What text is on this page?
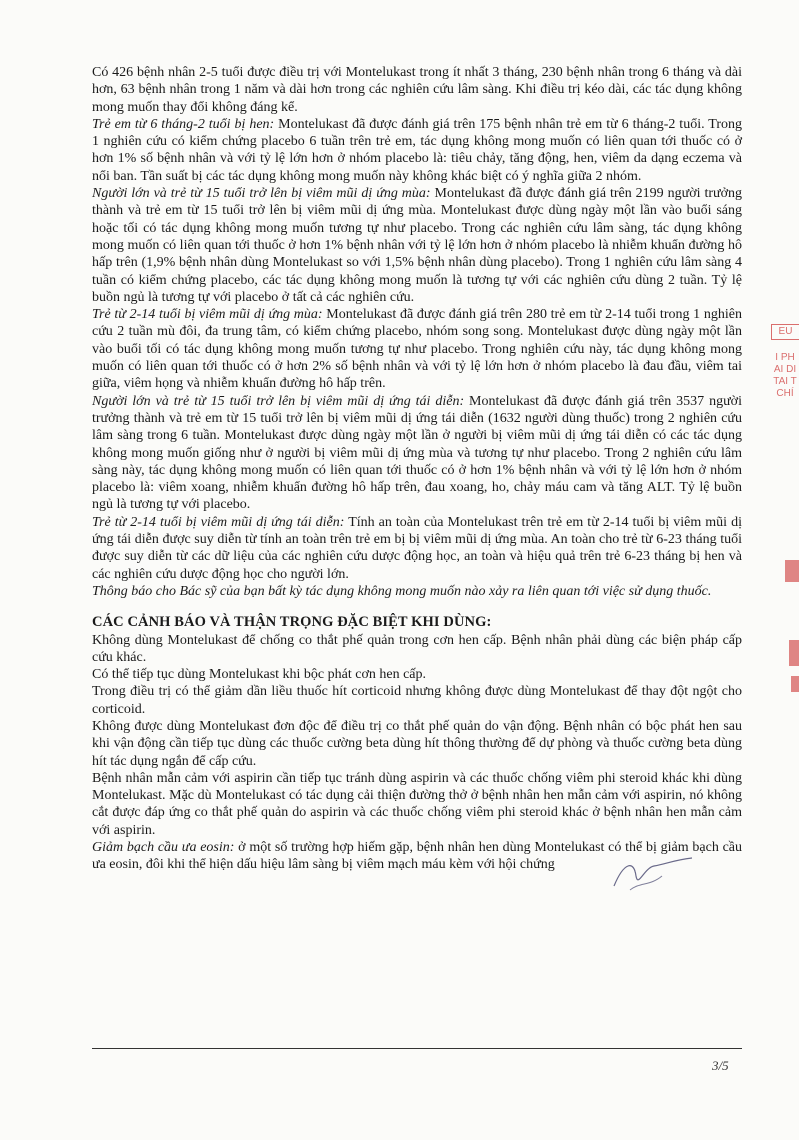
Có 426 bệnh nhân 2-5 tuổi được điều trị với Montelukast trong ít nhất 3 tháng, 230 bệnh nhân trong 6 tháng và dài hơn, 63 bệnh nhân trong 1 năm và dài hơn trong các nghiên cứu lâm sàng. Khi điều trị kéo dài, các tác dụng không mong muốn thay đổi không đáng kể.

Trẻ em từ 6 tháng-2 tuổi bị hen: Montelukast đã được đánh giá trên 175 bệnh nhân trẻ em từ 6 tháng-2 tuổi. Trong 1 nghiên cứu có kiểm chứng placebo 6 tuần trên trẻ em, tác dụng không mong muốn có liên quan tới thuốc có ở hơn 1% số bệnh nhân và với tỷ lệ lớn hơn ở nhóm placebo là: tiêu chảy, tăng động, hen, viêm da dạng eczema và nổi ban. Tần suất bị các tác dụng không mong muốn này không khác biệt có ý nghĩa giữa 2 nhóm.

Người lớn và trẻ từ 15 tuổi trở lên bị viêm mũi dị ứng mùa: Montelukast đã được đánh giá trên 2199 người trưởng thành và trẻ em từ 15 tuổi trở lên bị viêm mũi dị ứng mùa. Montelukast được dùng ngày một lần vào buổi sáng hoặc tối có tác dụng không mong muốn tương tự như placebo. Trong các nghiên cứu lâm sàng, tác dụng không mong muốn có liên quan tới thuốc ở hơn 1% bệnh nhân với tỷ lệ lớn hơn ở nhóm placebo là nhiễm khuẩn đường hô hấp trên (1,9% bệnh nhân dùng Montelukast so với 1,5% bệnh nhân dùng placebo). Trong 1 nghiên cứu lâm sàng 4 tuần có kiểm chứng placebo, các tác dụng không mong muốn là tương tự với các nghiên cứu dùng 2 tuần. Tỷ lệ buồn ngủ là tương tự với placebo ở tất cả các nghiên cứu.

Trẻ từ 2-14 tuổi bị viêm mũi dị ứng mùa: Montelukast đã được đánh giá trên 280 trẻ em từ 2-14 tuổi trong 1 nghiên cứu 2 tuần mù đôi, đa trung tâm, có kiểm chứng placebo, nhóm song song. Montelukast được dùng ngày một lần vào buổi tối có tác dụng không mong muốn tương tự như placebo. Trong nghiên cứu này, tác dụng không mong muốn có liên quan tới thuốc có ở hơn 2% số bệnh nhân và với tỷ lệ lớn hơn ở nhóm placebo là đau đầu, viêm tai giữa, viêm họng và nhiễm khuẩn đường hô hấp trên.

Người lớn và trẻ từ 15 tuổi trở lên bị viêm mũi dị ứng tái diễn: Montelukast đã được đánh giá trên 3537 người trưởng thành và trẻ em từ 15 tuổi trở lên bị viêm mũi dị ứng tái diễn (1632 người dùng thuốc) trong 2 nghiên cứu lâm sàng trong 6 tuần. Montelukast được dùng ngày một lần ở người bị viêm mũi dị ứng tái diễn có các tác dụng không mong muốn giống như ở người bị viêm mũi dị ứng mùa và tương tự như placebo. Trong 2 nghiên cứu lâm sàng này, tác dụng không mong muốn có liên quan tới thuốc có ở hơn 1% bệnh nhân và với tỷ lệ lớn hơn ở nhóm placebo là: viêm xoang, nhiễm khuẩn đường hô hấp trên, đau xoang, ho, chảy máu cam và tăng ALT. Tỷ lệ buồn ngủ là tương tự với placebo.

Trẻ từ 2-14 tuổi bị viêm mũi dị ứng tái diễn: Tính an toàn của Montelukast trên trẻ em từ 2-14 tuổi bị viêm mũi dị ứng tái diễn được suy diễn từ tính an toàn trên trẻ em bị bị viêm mũi dị ứng mùa. An toàn cho trẻ từ 6-23 tháng tuổi được suy diễn từ các dữ liệu của các nghiên cứu dược động học, an toàn và hiệu quả trên trẻ 6-23 tháng bị hen và các nghiên cứu dược động học cho người lớn.

Thông báo cho Bác sỹ của bạn bất kỳ tác dụng không mong muốn nào xảy ra liên quan tới việc sử dụng thuốc.

CÁC CẢNH BÁO VÀ THẬN TRỌNG ĐẶC BIỆT KHI DÙNG:

Không dùng Montelukast để chống co thắt phế quản trong cơn hen cấp. Bệnh nhân phải dùng các biện pháp cấp cứu khác.

Có thể tiếp tục dùng Montelukast khi bộc phát cơn hen cấp.

Trong điều trị có thể giảm dần liều thuốc hít corticoid nhưng không được dùng Montelukast để thay đột ngột cho corticoid.

Không được dùng Montelukast đơn độc để điều trị co thắt phế quản do vận động. Bệnh nhân có bộc phát hen sau khi vận động cần tiếp tục dùng các thuốc cường beta dùng hít thông thường để dự phòng và thuốc cường beta dùng hít tác dụng ngắn để cấp cứu.

Bệnh nhân mẫn cảm với aspirin cần tiếp tục tránh dùng aspirin và các thuốc chống viêm phi steroid khác khi dùng Montelukast. Mặc dù Montelukast có tác dụng cải thiện đường thở ở bệnh nhân hen mẫn cảm với aspirin, nó không cắt được đáp ứng co thắt phế quản do aspirin và các thuốc chống viêm phi steroid khác ở bệnh nhân hen mẫn cảm với aspirin.

Giảm bạch cầu ưa eosin: ở một số trường hợp hiếm gặp, bệnh nhân hen dùng Montelukast có thể bị giảm bạch cầu ưa eosin, đôi khi thể hiện dấu hiệu lâm sàng bị viêm mạch máu kèm với hội chứng

EU
I PH
AI DI
TAI T
CHÍ
3/5
